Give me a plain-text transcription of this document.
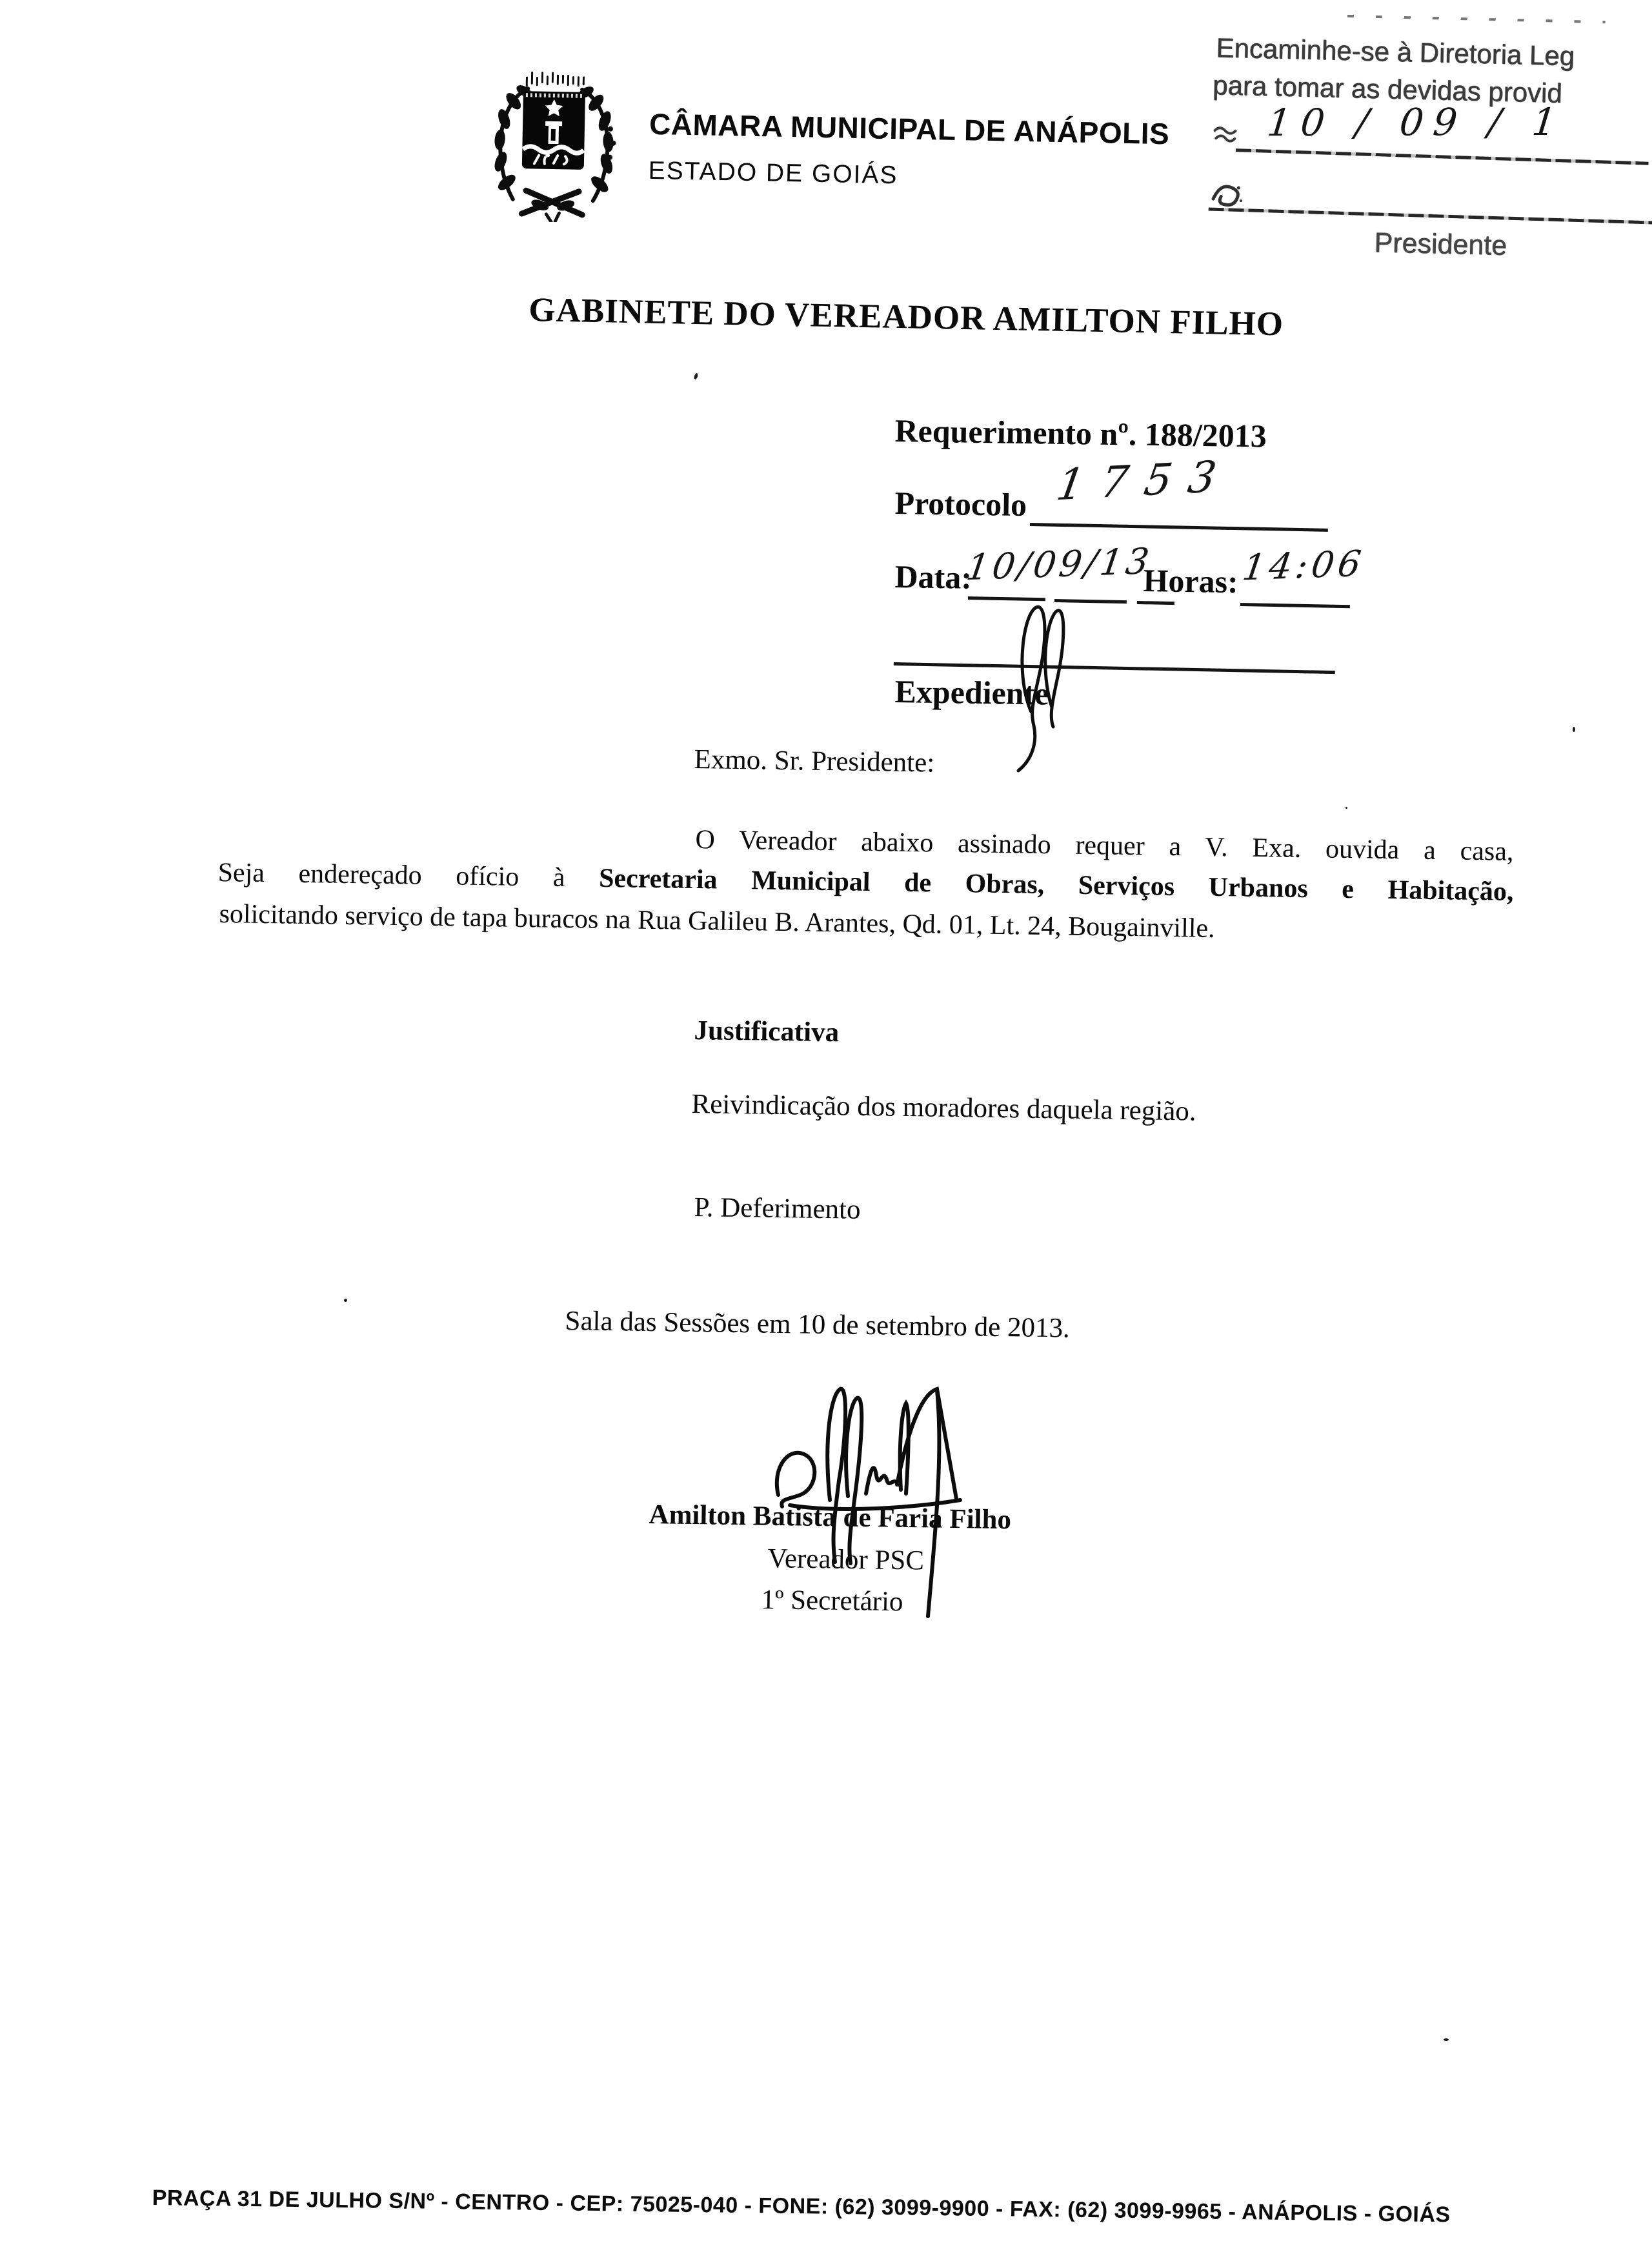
CÂMARA MUNICIPAL DE ANÁPOLIS
ESTADO DE GOIÁS
Encaminhe-se à Diretoria Leg
para tomar as devidas provid
10 / 09 / 1
Presidente
GABINETE DO VEREADOR AMILTON FILHO
Requerimento nº. 188/2013
Protocolo 1753
Data:
10/09/13
Horas: 14:06
Expediente
Exmo. Sr. Presidente:
O Vereador abaixo assinado requer a V. Exa. ouvida a casa,
Seja endereçado ofício à Secretaria Municipal de Obras, Serviços Urbanos e Habitação,
solicitando serviço de tapa buracos na Rua Galileu B. Arantes, Qd. 01, Lt. 24, Bougainville.
Justificativa
Reivindicação dos moradores daquela região.
P. Deferimento
Sala das Sessões em 10 de setembro de 2013.
Amilton Batista de Faria Filho
Vereador PSC
1º Secretário
PRAÇA 31 DE JULHO S/Nº - CENTRO - CEP: 75025-040 - FONE: (62) 3099-9900 - FAX: (62) 3099-9965 - ANÁPOLIS - GOIÁS
